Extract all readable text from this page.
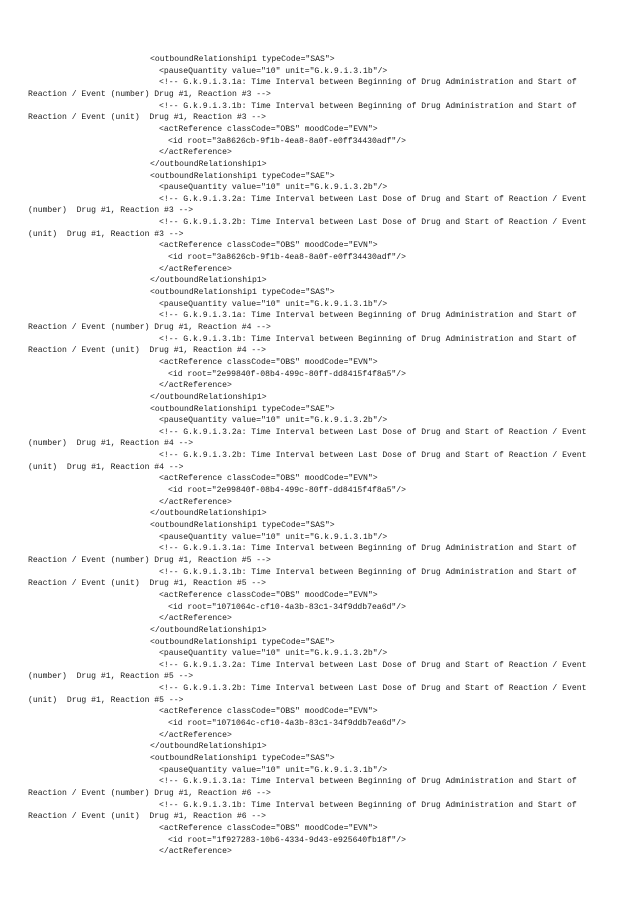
<outboundRelationship1 typeCode="SAS">
<pauseQuantity value="10" unit="G.k.9.i.3.1b"/>
<!-- G.k.9.i.3.1a: Time Interval between Beginning of Drug Administration and Start of
Reaction / Event (number) Drug #1, Reaction #3 -->
<!-- G.k.9.i.3.1b: Time Interval between Beginning of Drug Administration and Start of
Reaction / Event (unit)  Drug #1, Reaction #3 -->
<actReference classCode="OBS" moodCode="EVN">
<id root="3a8626cb-9f1b-4ea8-8a0f-e0ff34430adf"/>
</actReference>
</outboundRelationship1>
<outboundRelationship1 typeCode="SAE">
<pauseQuantity value="10" unit="G.k.9.i.3.2b"/>
<!-- G.k.9.i.3.2a: Time Interval between Last Dose of Drug and Start of Reaction / Event
(number)  Drug #1, Reaction #3 -->
<!-- G.k.9.i.3.2b: Time Interval between Last Dose of Drug and Start of Reaction / Event
(unit)  Drug #1, Reaction #3 -->
<actReference classCode="OBS" moodCode="EVN">
<id root="3a8626cb-9f1b-4ea8-8a0f-e0ff34430adf"/>
</actReference>
</outboundRelationship1>
<outboundRelationship1 typeCode="SAS">
<pauseQuantity value="10" unit="G.k.9.i.3.1b"/>
<!-- G.k.9.i.3.1a: Time Interval between Beginning of Drug Administration and Start of
Reaction / Event (number) Drug #1, Reaction #4 -->
<!-- G.k.9.i.3.1b: Time Interval between Beginning of Drug Administration and Start of
Reaction / Event (unit)  Drug #1, Reaction #4 -->
<actReference classCode="OBS" moodCode="EVN">
<id root="2e99840f-08b4-499c-80ff-dd8415f4f8a5"/>
</actReference>
</outboundRelationship1>
<outboundRelationship1 typeCode="SAE">
<pauseQuantity value="10" unit="G.k.9.i.3.2b"/>
<!-- G.k.9.i.3.2a: Time Interval between Last Dose of Drug and Start of Reaction / Event
(number)  Drug #1, Reaction #4 -->
<!-- G.k.9.i.3.2b: Time Interval between Last Dose of Drug and Start of Reaction / Event
(unit)  Drug #1, Reaction #4 -->
<actReference classCode="OBS" moodCode="EVN">
<id root="2e99840f-08b4-499c-80ff-dd8415f4f8a5"/>
</actReference>
</outboundRelationship1>
<outboundRelationship1 typeCode="SAS">
<pauseQuantity value="10" unit="G.k.9.i.3.1b"/>
<!-- G.k.9.i.3.1a: Time Interval between Beginning of Drug Administration and Start of
Reaction / Event (number) Drug #1, Reaction #5 -->
<!-- G.k.9.i.3.1b: Time Interval between Beginning of Drug Administration and Start of
Reaction / Event (unit)  Drug #1, Reaction #5 -->
<actReference classCode="OBS" moodCode="EVN">
<id root="1071064c-cf10-4a3b-83c1-34f9ddb7ea6d"/>
</actReference>
</outboundRelationship1>
<outboundRelationship1 typeCode="SAE">
<pauseQuantity value="10" unit="G.k.9.i.3.2b"/>
<!-- G.k.9.i.3.2a: Time Interval between Last Dose of Drug and Start of Reaction / Event
(number)  Drug #1, Reaction #5 -->
<!-- G.k.9.i.3.2b: Time Interval between Last Dose of Drug and Start of Reaction / Event
(unit)  Drug #1, Reaction #5 -->
<actReference classCode="OBS" moodCode="EVN">
<id root="1071064c-cf10-4a3b-83c1-34f9ddb7ea6d"/>
</actReference>
</outboundRelationship1>
<outboundRelationship1 typeCode="SAS">
<pauseQuantity value="10" unit="G.k.9.i.3.1b"/>
<!-- G.k.9.i.3.1a: Time Interval between Beginning of Drug Administration and Start of
Reaction / Event (number) Drug #1, Reaction #6 -->
<!-- G.k.9.i.3.1b: Time Interval between Beginning of Drug Administration and Start of
Reaction / Event (unit)  Drug #1, Reaction #6 -->
<actReference classCode="OBS" moodCode="EVN">
<id root="1f927283-10b6-4334-9d43-e925640fb18f"/>
</actReference>
